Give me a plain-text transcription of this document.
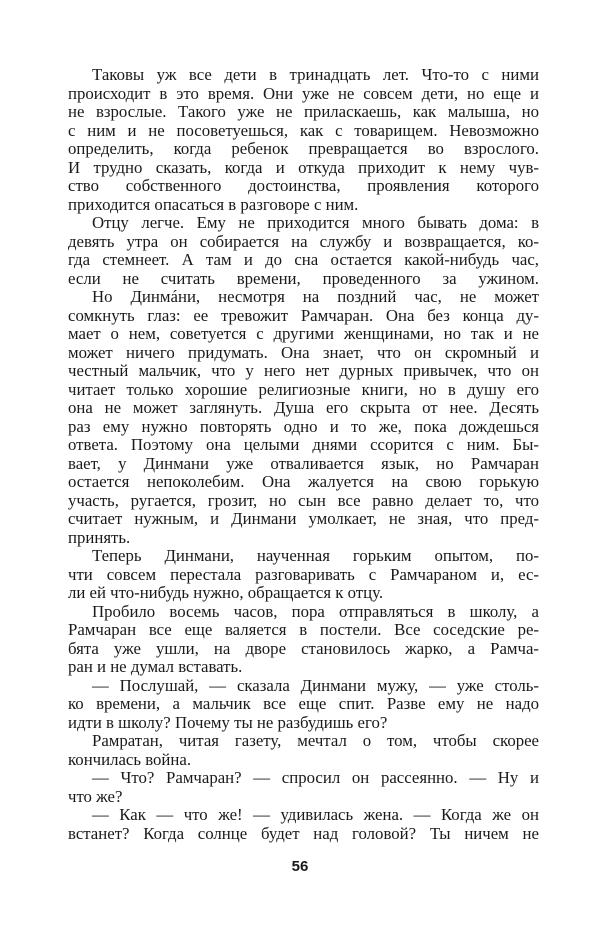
Таковы уж все дети в тринадцать лет. Что-то с ними
происходит в это время. Они уже не совсем дети, но еще и
не взрослые. Такого уже не приласкаешь, как малыша, но
с ним и не посоветуешься, как с товарищем. Невозможно
определить, когда ребенок превращается во взрослого.
И трудно сказать, когда и откуда приходит к нему чув-
ство собственного достоинства, проявления которого
приходится опасаться в разговоре с ним.
Отцу легче. Ему не приходится много бывать дома: в
девять утра он собирается на службу и возвращается, ко-
гда стемнеет. А там и до сна остается какой-нибудь час,
если не считать времени, проведенного за ужином.
Но Динмáни, несмотря на поздний час, не может
сомкнуть глаз: ее тревожит Рамчаран. Она без конца ду-
мает о нем, советуется с другими женщинами, но так и не
может ничего придумать. Она знает, что он скромный и
честный мальчик, что у него нет дурных привычек, что он
читает только хорошие религиозные книги, но в душу его
она не может заглянуть. Душа его скрыта от нее. Десять
раз ему нужно повторять одно и то же, пока дождешься
ответа. Поэтому она целыми днями ссорится с ним. Бы-
вает, у Динмани уже отваливается язык, но Рамчаран
остается непоколебим. Она жалуется на свою горькую
участь, ругается, грозит, но сын все равно делает то, что
считает нужным, и Динмани умолкает, не зная, что пред-
принять.
Теперь Динмани, наученная горьким опытом, по-
чти совсем перестала разговаривать с Рамчараном и, ес-
ли ей что-нибудь нужно, обращается к отцу.
Пробило восемь часов, пора отправляться в школу, а
Рамчаран все еще валяется в постели. Все соседские ре-
бята уже ушли, на дворе становилось жарко, а Рамча-
ран и не думал вставать.
— Послушай, — сказала Динмани мужу, — уже столь-
ко времени, а мальчик все еще спит. Разве ему не надо
идти в школу? Почему ты не разбудишь его?
Рамратан, читая газету, мечтал о том, чтобы скорее
кончилась война.
— Что? Рамчаран? — спросил он рассеянно. — Ну и
что же?
— Как — что же! — удивилась жена. — Когда же он
встанет? Когда солнце будет над головой? Ты ничем не
56
